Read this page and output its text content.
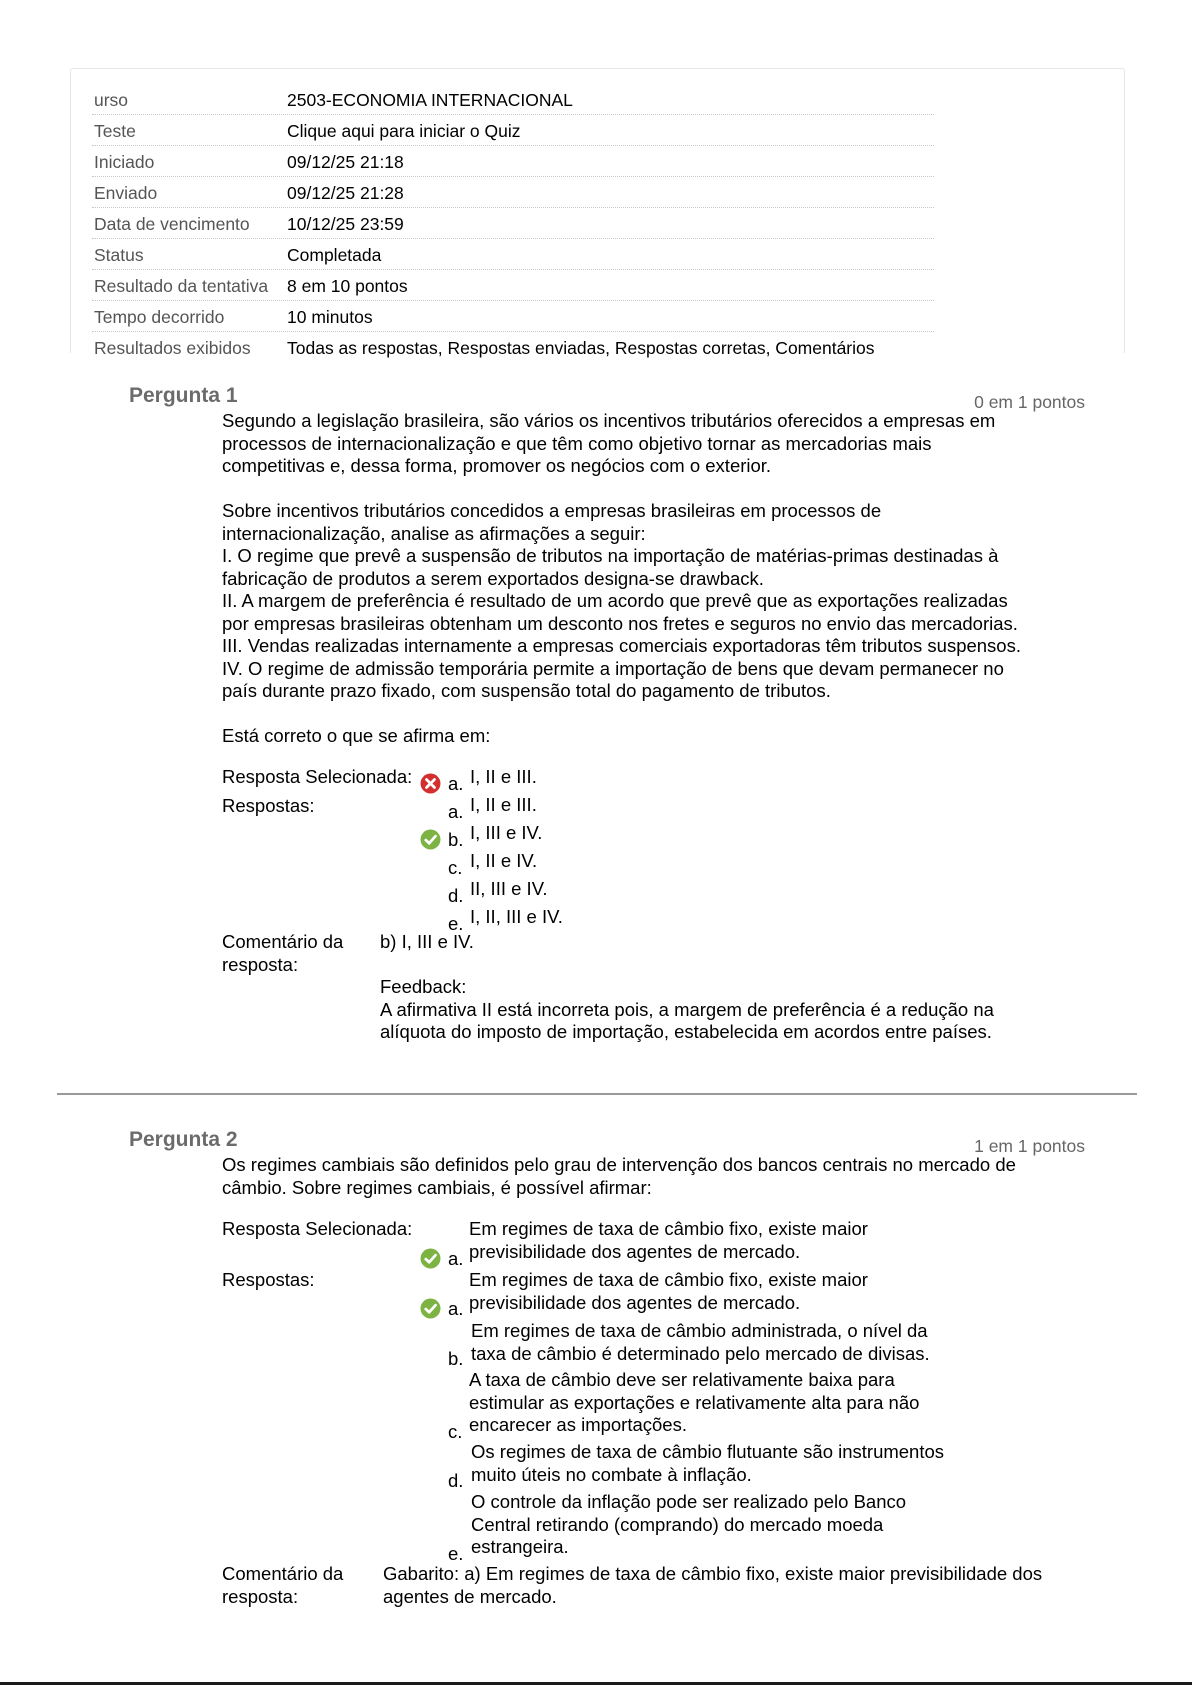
urso	2503-ECONOMIA INTERNACIONAL
Teste	Clique aqui para iniciar o Quiz
Iniciado	09/12/25 21:18
Enviado	09/12/25 21:28
Data de vencimento 10/12/25 23:59
Status	Completada
Resultado da tentativa 8 em 10 pontos
Tempo decorrido	10 minutos
Resultados exibidos Todas as respostas, Respostas enviadas, Respostas corretas, Comentários
Pergunta 1	0 em 1 pontos
Segundo a legislação brasileira, são vários os incentivos tributários oferecidos a empresas em
processos de internacionalização e que têm como objetivo tornar as mercadorias mais
competitivas e, dessa forma, promover os negócios com o exterior.

Sobre incentivos tributários concedidos a empresas brasileiras em processos de
internacionalização, analise as afirmações a seguir:
I. O regime que prevê a suspensão de tributos na importação de matérias-primas destinadas à
fabricação de produtos a serem exportados designa-se drawback.
II. A margem de preferência é resultado de um acordo que prevê que as exportações realizadas
por empresas brasileiras obtenham um desconto nos fretes e seguros no envio das mercadorias.
III. Vendas realizadas internamente a empresas comerciais exportadoras têm tributos suspensos.
IV. O regime de admissão temporária permite a importação de bens que devam permanecer no
país durante prazo fixado, com suspensão total do pagamento de tributos.

Está correto o que se afirma em:
Resposta Selecionada: a. I, II e III.
Respostas:	a. I, II e III.
b. I, III e IV.
c. I, II e IV.
d. II, III e IV.
e. I, II, III e IV.
Comentário da
resposta:
b) I, III e IV.

Feedback:
A afirmativa II está incorreta pois, a margem de preferência é a redução na
alíquota do imposto de importação, estabelecida em acordos entre países.
Pergunta 2	1 em 1 pontos
Os regimes cambiais são definidos pelo grau de intervenção dos bancos centrais no mercado de
câmbio. Sobre regimes cambiais, é possível afirmar:
Resposta Selecionada:
a.
Em regimes de taxa de câmbio fixo, existe maior
previsibilidade dos agentes de mercado.
Respostas:
a.
Em regimes de taxa de câmbio fixo, existe maior
previsibilidade dos agentes de mercado.
b.
Em regimes de taxa de câmbio administrada, o nível da
taxa de câmbio é determinado pelo mercado de divisas.
c.
A taxa de câmbio deve ser relativamente baixa para
estimular as exportações e relativamente alta para não
encarecer as importações.
d.
Os regimes de taxa de câmbio flutuante são instrumentos
muito úteis no combate à inflação.
e.
O controle da inflação pode ser realizado pelo Banco
Central retirando (comprando) do mercado moeda
estrangeira.
Comentário da
resposta:
Gabarito: a) Em regimes de taxa de câmbio fixo, existe maior previsibilidade dos
agentes de mercado.
